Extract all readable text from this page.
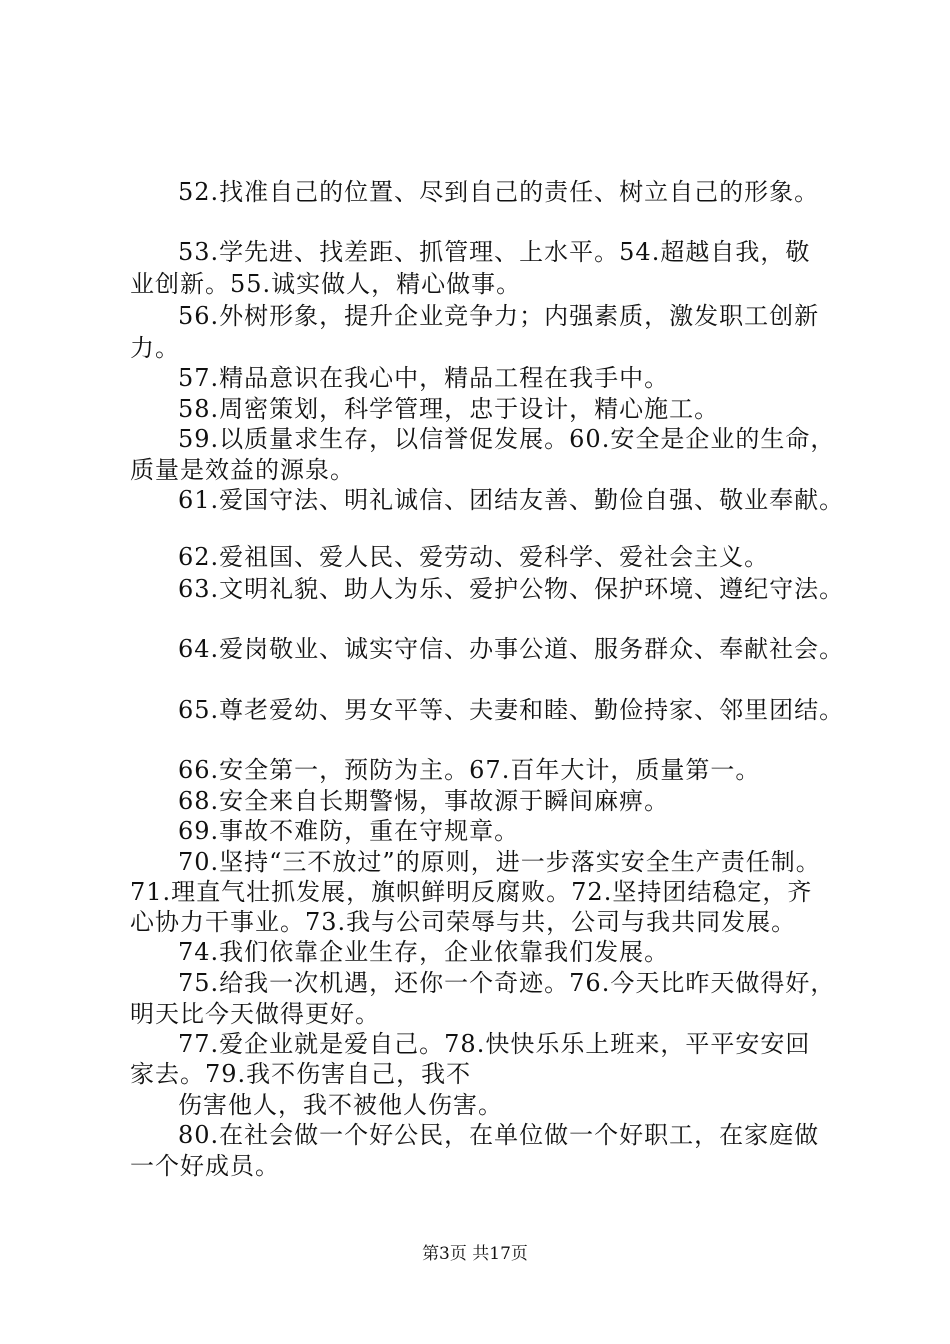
52.找准自己的位置、尽到自己的责任、树立自己的形象。
53.学先进、找差距、抓管理、上水平。54.超越自我，敬
业创新。55.诚实做人，精心做事。
56.外树形象，提升企业竞争力；内强素质，激发职工创新
力。
57.精品意识在我心中，精品工程在我手中。
58.周密策划，科学管理，忠于设计，精心施工。
59.以质量求生存，以信誉促发展。60.安全是企业的生命，
质量是效益的源泉。
61.爱国守法、明礼诚信、团结友善、勤俭自强、敬业奉献。
62.爱祖国、爱人民、爱劳动、爱科学、爱社会主义。
63.文明礼貌、助人为乐、爱护公物、保护环境、遵纪守法。
64.爱岗敬业、诚实守信、办事公道、服务群众、奉献社会。
65.尊老爱幼、男女平等、夫妻和睦、勤俭持家、邻里团结。
66.安全第一，预防为主。67.百年大计，质量第一。
68.安全来自长期警惕，事故源于瞬间麻痹。
69.事故不难防，重在守规章。
70.坚持“三不放过”的原则，进一步落实安全生产责任制。
71.理直气壮抓发展，旗帜鲜明反腐败。72.坚持团结稳定，齐
心协力干事业。73.我与公司荣辱与共，公司与我共同发展。
74.我们依靠企业生存，企业依靠我们发展。
75.给我一次机遇，还你一个奇迹。76.今天比昨天做得好，
明天比今天做得更好。
77.爱企业就是爱自己。78.快快乐乐上班来，平平安安回
家去。79.我不伤害自己，我不
伤害他人，我不被他人伤害。
80.在社会做一个好公民，在单位做一个好职工，在家庭做
一个好成员。
第3页 共17页
